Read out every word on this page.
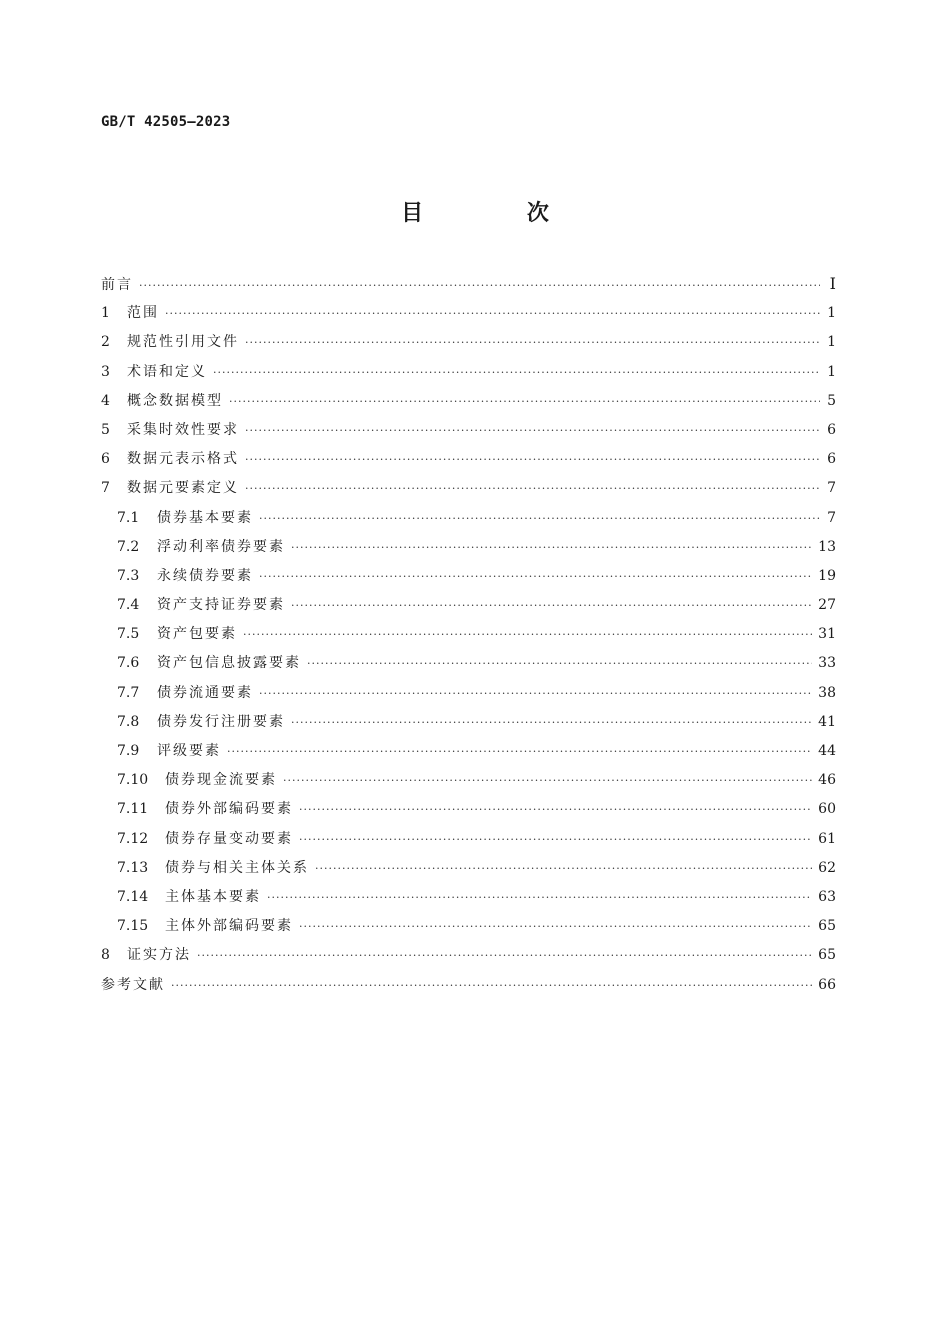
GB/T 42505—2023
目 次
前言 ·····	Ⅰ
1	范围 ·····	1
2	规范性引用文件 ·····	1
3	术语和定义 ·····	1
4	概念数据模型 ·····	5
5	采集时效性要求 ·····	6
6	数据元表示格式 ·····	6
7	数据元要素定义 ·····	7
7.1	债券基本要素 ·····	7
7.2	浮动利率债券要素 ·····	13
7.3	永续债券要素 ·····	19
7.4	资产支持证券要素 ·····	27
7.5	资产包要素 ·····	31
7.6	资产包信息披露要素 ·····	33
7.7	债券流通要素 ·····	38
7.8	债券发行注册要素 ·····	41
7.9	评级要素 ·····	44
7.10	债券现金流要素 ·····	46
7.11	债券外部编码要素 ·····	60
7.12	债券存量变动要素 ·····	61
7.13	债券与相关主体关系 ·····	62
7.14	主体基本要素 ·····	63
7.15	主体外部编码要素 ·····	65
8	证实方法 ·····	65
参考文献 ·····	66
